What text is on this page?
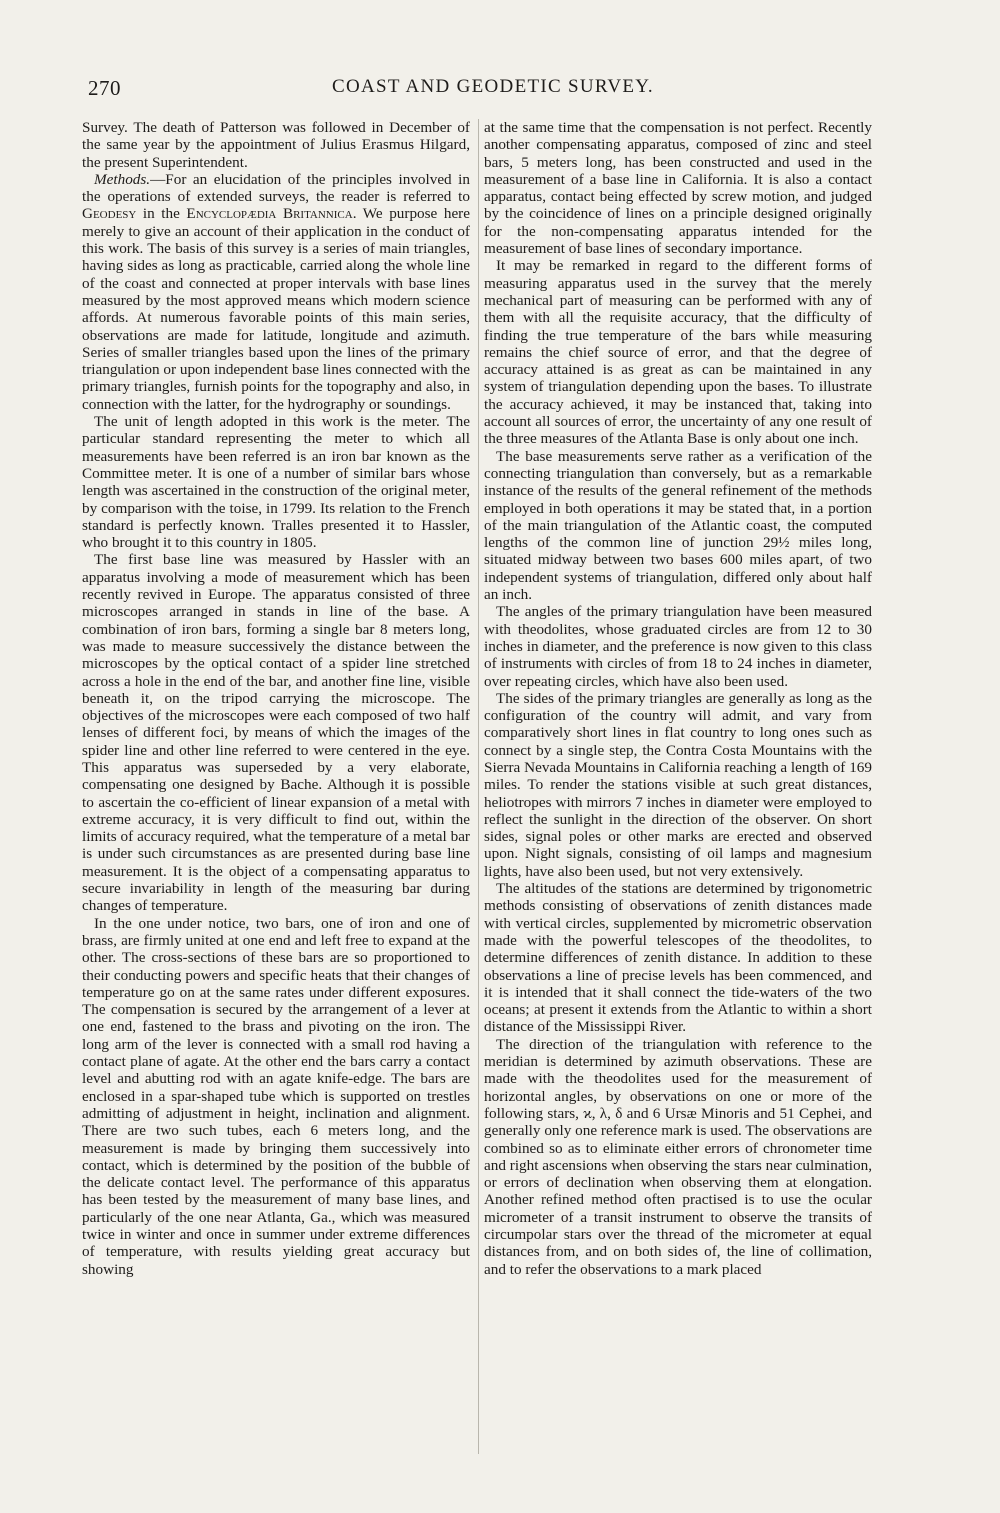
270	COAST AND GEODETIC SURVEY.

Survey. The death of Patterson was followed in December of the same year by the appointment of Julius Erasmus Hilgard, the present Superintendent.

Methods.—For an elucidation of the principles involved in the operations of extended surveys, the reader is referred to Geodesy in the Encyclopædia Britannica. We purpose here merely to give an account of their application in the conduct of this work. The basis of this survey is a series of main triangles, having sides as long as practicable, carried along the whole line of the coast and connected at proper intervals with base lines measured by the most approved means which modern science affords. At numerous favorable points of this main series, observations are made for latitude, longitude and azimuth. Series of smaller triangles based upon the lines of the primary triangulation or upon independent base lines connected with the primary triangles, furnish points for the topography and also, in connection with the latter, for the hydrography or soundings.

The unit of length adopted in this work is the meter. The particular standard representing the meter to which all measurements have been referred is an iron bar known as the Committee meter. It is one of a number of similar bars whose length was ascertained in the construction of the original meter, by comparison with the toise, in 1799. Its relation to the French standard is perfectly known. Tralles presented it to Hassler, who brought it to this country in 1805.

The first base line was measured by Hassler with an apparatus involving a mode of measurement which has been recently revived in Europe. The apparatus consisted of three microscopes arranged in stands in line of the base. A combination of iron bars, forming a single bar 8 meters long, was made to measure successively the distance between the microscopes by the optical contact of a spider line stretched across a hole in the end of the bar, and another fine line, visible beneath it, on the tripod carrying the microscope. The objectives of the microscopes were each composed of two half lenses of different foci, by means of which the images of the spider line and other line referred to were centered in the eye. This apparatus was superseded by a very elaborate, compensating one designed by Bache. Although it is possible to ascertain the co-efficient of linear expansion of a metal with extreme accuracy, it is very difficult to find out, within the limits of accuracy required, what the temperature of a metal bar is under such circumstances as are presented during base line measurement. It is the object of a compensating apparatus to secure invariability in length of the measuring bar during changes of temperature.

In the one under notice, two bars, one of iron and one of brass, are firmly united at one end and left free to expand at the other. The cross-sections of these bars are so proportioned to their conducting powers and specific heats that their changes of temperature go on at the same rates under different exposures. The compensation is secured by the arrangement of a lever at one end, fastened to the brass and pivoting on the iron. The long arm of the lever is connected with a small rod having a contact plane of agate. At the other end the bars carry a contact level and abutting rod with an agate knife-edge. The bars are enclosed in a spar-shaped tube which is supported on trestles admitting of adjustment in height, inclination and alignment. There are two such tubes, each 6 meters long, and the measurement is made by bringing them successively into contact, which is determined by the position of the bubble of the delicate contact level. The performance of this apparatus has been tested by the measurement of many base lines, and particularly of the one near Atlanta, Ga., which was measured twice in winter and once in summer under extreme differences of temperature, with results yielding great accuracy but showing

at the same time that the compensation is not perfect. Recently another compensating apparatus, composed of zinc and steel bars, 5 meters long, has been constructed and used in the measurement of a base line in California. It is also a contact apparatus, contact being effected by screw motion, and judged by the coincidence of lines on a principle designed originally for the non-compensating apparatus intended for the measurement of base lines of secondary importance.

It may be remarked in regard to the different forms of measuring apparatus used in the survey that the merely mechanical part of measuring can be performed with any of them with all the requisite accuracy, that the difficulty of finding the true temperature of the bars while measuring remains the chief source of error, and that the degree of accuracy attained is as great as can be maintained in any system of triangulation depending upon the bases. To illustrate the accuracy achieved, it may be instanced that, taking into account all sources of error, the uncertainty of any one result of the three measures of the Atlanta Base is only about one inch.

The base measurements serve rather as a verification of the connecting triangulation than conversely, but as a remarkable instance of the results of the general refinement of the methods employed in both operations it may be stated that, in a portion of the main triangulation of the Atlantic coast, the computed lengths of the common line of junction 29½ miles long, situated midway between two bases 600 miles apart, of two independent systems of triangulation, differed only about half an inch.

The angles of the primary triangulation have been measured with theodolites, whose graduated circles are from 12 to 30 inches in diameter, and the preference is now given to this class of instruments with circles of from 18 to 24 inches in diameter, over repeating circles, which have also been used.

The sides of the primary triangles are generally as long as the configuration of the country will admit, and vary from comparatively short lines in flat country to long ones such as connect by a single step, the Contra Costa Mountains with the Sierra Nevada Mountains in California reaching a length of 169 miles. To render the stations visible at such great distances, heliotropes with mirrors 7 inches in diameter were employed to reflect the sunlight in the direction of the observer. On short sides, signal poles or other marks are erected and observed upon. Night signals, consisting of oil lamps and magnesium lights, have also been used, but not very extensively.

The altitudes of the stations are determined by trigonometric methods consisting of observations of zenith distances made with vertical circles, supplemented by micrometric observation made with the powerful telescopes of the theodolites, to determine differences of zenith distance. In addition to these observations a line of precise levels has been commenced, and it is intended that it shall connect the tide-waters of the two oceans; at present it extends from the Atlantic to within a short distance of the Mississippi River.

The direction of the triangulation with reference to the meridian is determined by azimuth observations. These are made with the theodolites used for the measurement of horizontal angles, by observations on one or more of the following stars, ϰ, λ, δ and 6 Ursæ Minoris and 51 Cephei, and generally only one reference mark is used. The observations are combined so as to eliminate either errors of chronometer time and right ascensions when observing the stars near culmination, or errors of declination when observing them at elongation. Another refined method often practised is to use the ocular micrometer of a transit instrument to observe the transits of circumpolar stars over the thread of the micrometer at equal distances from, and on both sides of, the line of collimation, and to refer the observations to a mark placed
